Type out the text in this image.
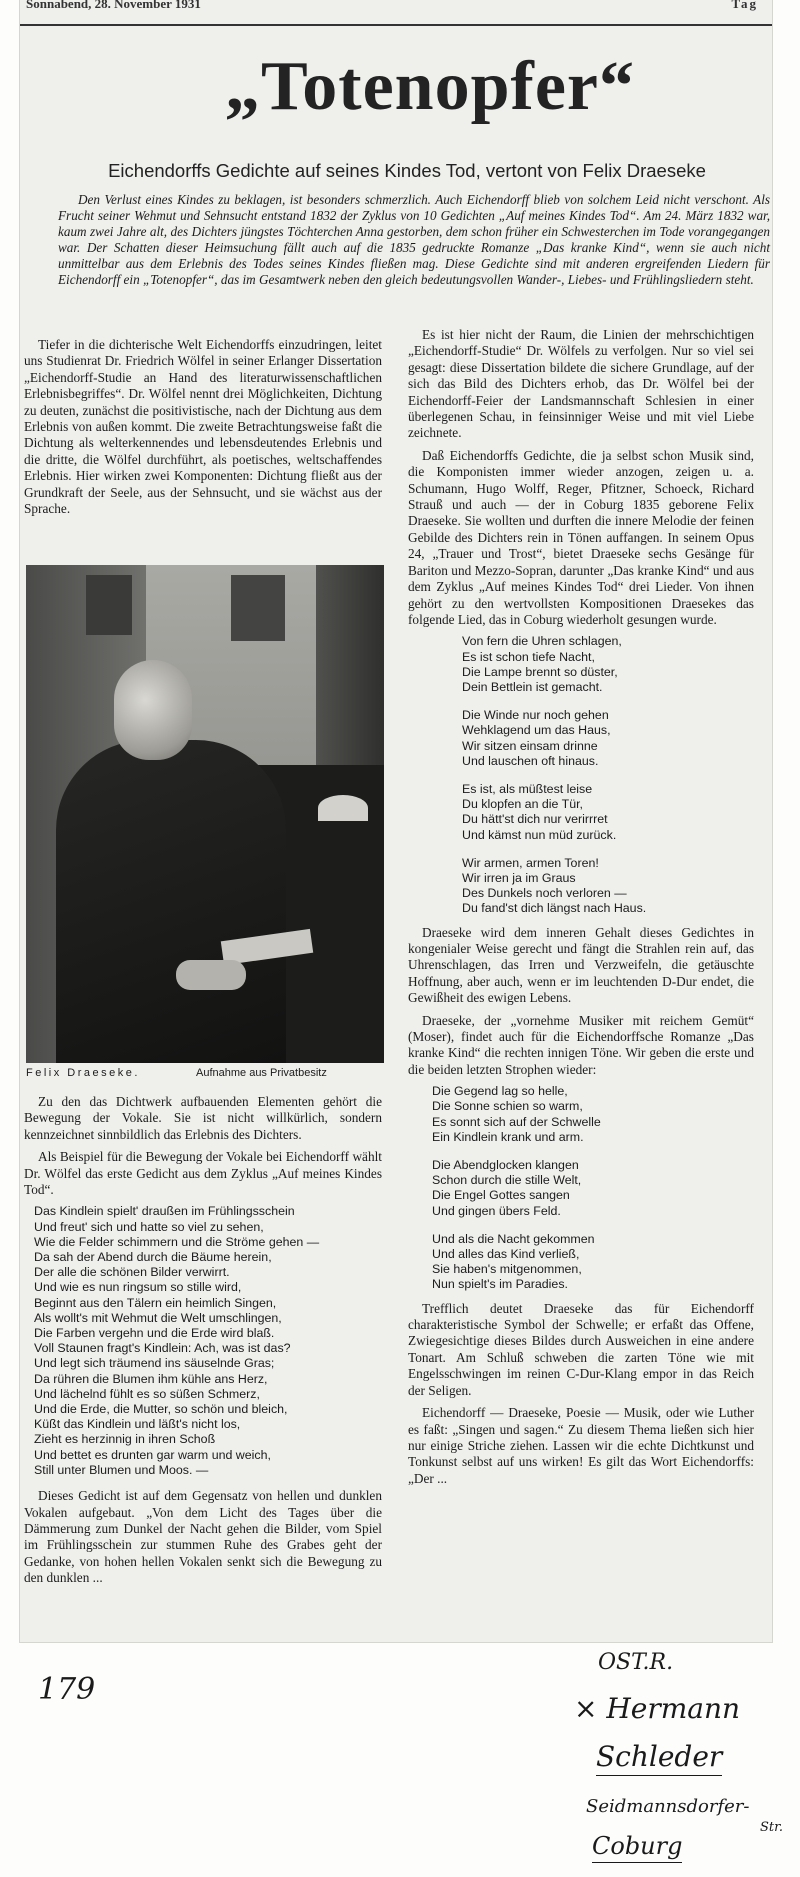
Sonnabend, 28. November 1931	Tag
„Totenopfer“
Eichendorffs Gedichte auf seines Kindes Tod, vertont von Felix Draeseke

Den Verlust eines Kindes zu beklagen, ist besonders schmerzlich. Auch Eichendorff blieb von solchem Leid nicht verschont. Als Frucht seiner Wehmut und Sehnsucht entstand 1832 der Zyklus von 10 Gedichten „Auf meines Kindes Tod“. Am 24. März 1832 war, kaum zwei Jahre alt, des Dichters jüngstes Töchterchen Anna gestorben, dem schon früher ein Schwesterchen im Tode vorangegangen war. Der Schatten dieser Heimsuchung fällt auch auf die 1835 gedruckte Romanze „Das kranke Kind“, wenn sie auch nicht unmittelbar aus dem Erlebnis des Todes seines Kindes fließen mag. Diese Gedichte sind mit anderen ergreifenden Liedern für Eichendorff ein „Totenopfer“, das im Gesamtwerk neben den gleich bedeutungsvollen Wander-, Liebes- und Frühlingsliedern steht.

Tiefer in die dichterische Welt Eichendorffs einzudringen, leitet uns Studienrat Dr. Friedrich Wölfel in seiner Erlanger Dissertation „Eichendorff-Studie an Hand des literaturwissenschaftlichen Erlebnisbegriffes“. Dr. Wölfel nennt drei Möglichkeiten, Dichtung zu deuten, zunächst die positivistische, nach der Dichtung aus dem Erlebnis von außen kommt. Die zweite Betrachtungsweise faßt die Dichtung als welterkennendes und lebensdeutendes Erlebnis und die dritte, die Wölfel durchführt, als poetisches, weltschaffendes Erlebnis. Hier wirken zwei Komponenten: Dichtung fließt aus der Grundkraft der Seele, aus der Sehnsucht, und sie wächst aus der Sprache.

Felix Draeseke.	Aufnahme aus Privatbesitz

Zu den das Dichtwerk aufbauenden Elementen gehört die Bewegung der Vokale. Sie ist nicht willkürlich, sondern kennzeichnet sinnbildlich das Erlebnis des Dichters.

Als Beispiel für die Bewegung der Vokale bei Eichendorff wählt Dr. Wölfel das erste Gedicht aus dem Zyklus „Auf meines Kindes Tod“.

Das Kindlein spielt' draußen im Frühlingsschein
Und freut' sich und hatte so viel zu sehen,
Wie die Felder schimmern und die Ströme gehen —
Da sah der Abend durch die Bäume herein,
Der alle die schönen Bilder verwirrt.
Und wie es nun ringsum so stille wird,
Beginnt aus den Tälern ein heimlich Singen,
Als wollt's mit Wehmut die Welt umschlingen,
Die Farben vergehn und die Erde wird blaß.
Voll Staunen fragt's Kindlein: Ach, was ist das?
Und legt sich träumend ins säuselnde Gras;
Da rühren die Blumen ihm kühle ans Herz,
Und lächelnd fühlt es so süßen Schmerz,
Und die Erde, die Mutter, so schön und bleich,
Küßt das Kindlein und läßt's nicht los,
Zieht es herzinnig in ihren Schoß
Und bettet es drunten gar warm und weich,
Still unter Blumen und Moos. —

Dieses Gedicht ist auf dem Gegensatz von hellen und dunklen Vokalen aufgebaut. „Von dem Licht des Tages über die Dämmerung zum Dunkel der Nacht gehen die Bilder, vom Spiel im Frühlingsschein zur stummen Ruhe des Grabes geht der Gedanke, von hohen hellen Vokalen senkt sich die Bewegung zu den dunklen ...

Es ist hier nicht der Raum, die Linien der mehrschichtigen „Eichendorff-Studie“ Dr. Wölfels zu verfolgen. Nur so viel sei gesagt: diese Dissertation bildete die sichere Grundlage, auf der sich das Bild des Dichters erhob, das Dr. Wölfel bei der Eichendorff-Feier der Landsmannschaft Schlesien in einer überlegenen Schau, in feinsinniger Weise und mit viel Liebe zeichnete.

Daß Eichendorffs Gedichte, die ja selbst schon Musik sind, die Komponisten immer wieder anzogen, zeigen u. a. Schumann, Hugo Wolff, Reger, Pfitzner, Schoeck, Richard Strauß und auch — der in Coburg 1835 geborene Felix Draeseke. Sie wollten und durften die innere Melodie der feinen Gebilde des Dichters rein in Tönen auffangen. In seinem Opus 24, „Trauer und Trost“, bietet Draeseke sechs Gesänge für Bariton und Mezzo-Sopran, darunter „Das kranke Kind“ und aus dem Zyklus „Auf meines Kindes Tod“ drei Lieder. Von ihnen gehört zu den wertvollsten Kompositionen Draesekes das folgende Lied, das in Coburg wiederholt gesungen wurde.

Von fern die Uhren schlagen,
Es ist schon tiefe Nacht,
Die Lampe brennt so düster,
Dein Bettlein ist gemacht.
Die Winde nur noch gehen
Wehklagend um das Haus,
Wir sitzen einsam drinne
Und lauschen oft hinaus.
Es ist, als müßtest leise
Du klopfen an die Tür,
Du hätt'st dich nur verirrret
Und kämst nun müd zurück.
Wir armen, armen Toren!
Wir irren ja im Graus
Des Dunkels noch verloren —
Du fand'st dich längst nach Haus.

Draeseke wird dem inneren Gehalt dieses Gedichtes in kongenialer Weise gerecht und fängt die Strahlen rein auf, das Uhrenschlagen, das Irren und Verzweifeln, die getäuschte Hoffnung, aber auch, wenn er im leuchtenden D-Dur endet, die Gewißheit des ewigen Lebens.

Draeseke, der „vornehme Musiker mit reichem Gemüt“ (Moser), findet auch für die Eichendorffsche Romanze „Das kranke Kind“ die rechten innigen Töne. Wir geben die erste und die beiden letzten Strophen wieder:

Die Gegend lag so helle,
Die Sonne schien so warm,
Es sonnt sich auf der Schwelle
Ein Kindlein krank und arm.
Die Abendglocken klangen
Schon durch die stille Welt,
Die Engel Gottes sangen
Und gingen übers Feld.
Und als die Nacht gekommen
Und alles das Kind verließ,
Sie haben's mitgenommen,
Nun spielt's im Paradies.

Trefflich deutet Draeseke das für Eichendorff charakteristische Symbol der Schwelle; er erfaßt das Offene, Zwiegesichtige dieses Bildes durch Ausweichen in eine andere Tonart. Am Schluß schweben die zarten Töne wie mit Engelsschwingen im reinen C-Dur-Klang empor in das Reich der Seligen.

Eichendorff — Draeseke, Poesie — Musik, oder wie Luther es faßt: „Singen und sagen.“ Zu diesem Thema ließen sich hier nur einige Striche ziehen. Lassen wir die echte Dichtkunst und Tonkunst selbst auf uns wirken! Es gilt das Wort Eichendorffs: „Der ...

179
OST.R.
× Hermann
Schleder
Seidmannsdorfer-
Str.
Coburg
